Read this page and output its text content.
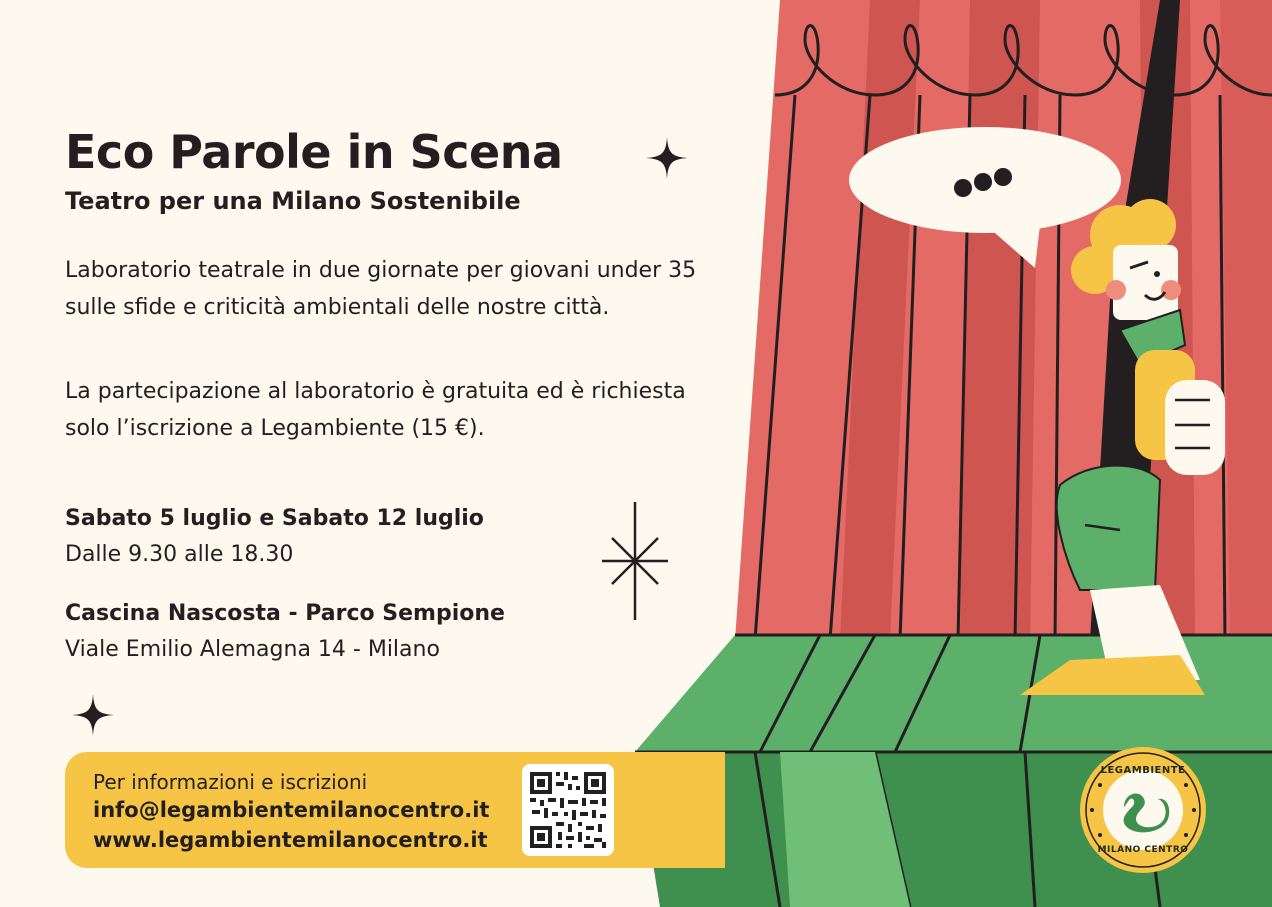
Eco Parole in Scena
Teatro per una Milano Sostenibile

Laboratorio teatrale in due giornate per giovani under 35 sulle sfide e criticità ambientali delle nostre città.

La partecipazione al laboratorio è gratuita ed è richiesta solo l’iscrizione a Legambiente (15 €).

Sabato 5 luglio e Sabato 12 luglio

Dalle 9.30 alle 18.30

Cascina Nascosta - Parco Sempione

Viale Emilio Alemagna 14 - Milano

Per informazioni e iscrizioni

info@legambientemilanocentro.it

www.legambientemilanocentro.it

LEGAMBIENTE
MILANO CENTRO
